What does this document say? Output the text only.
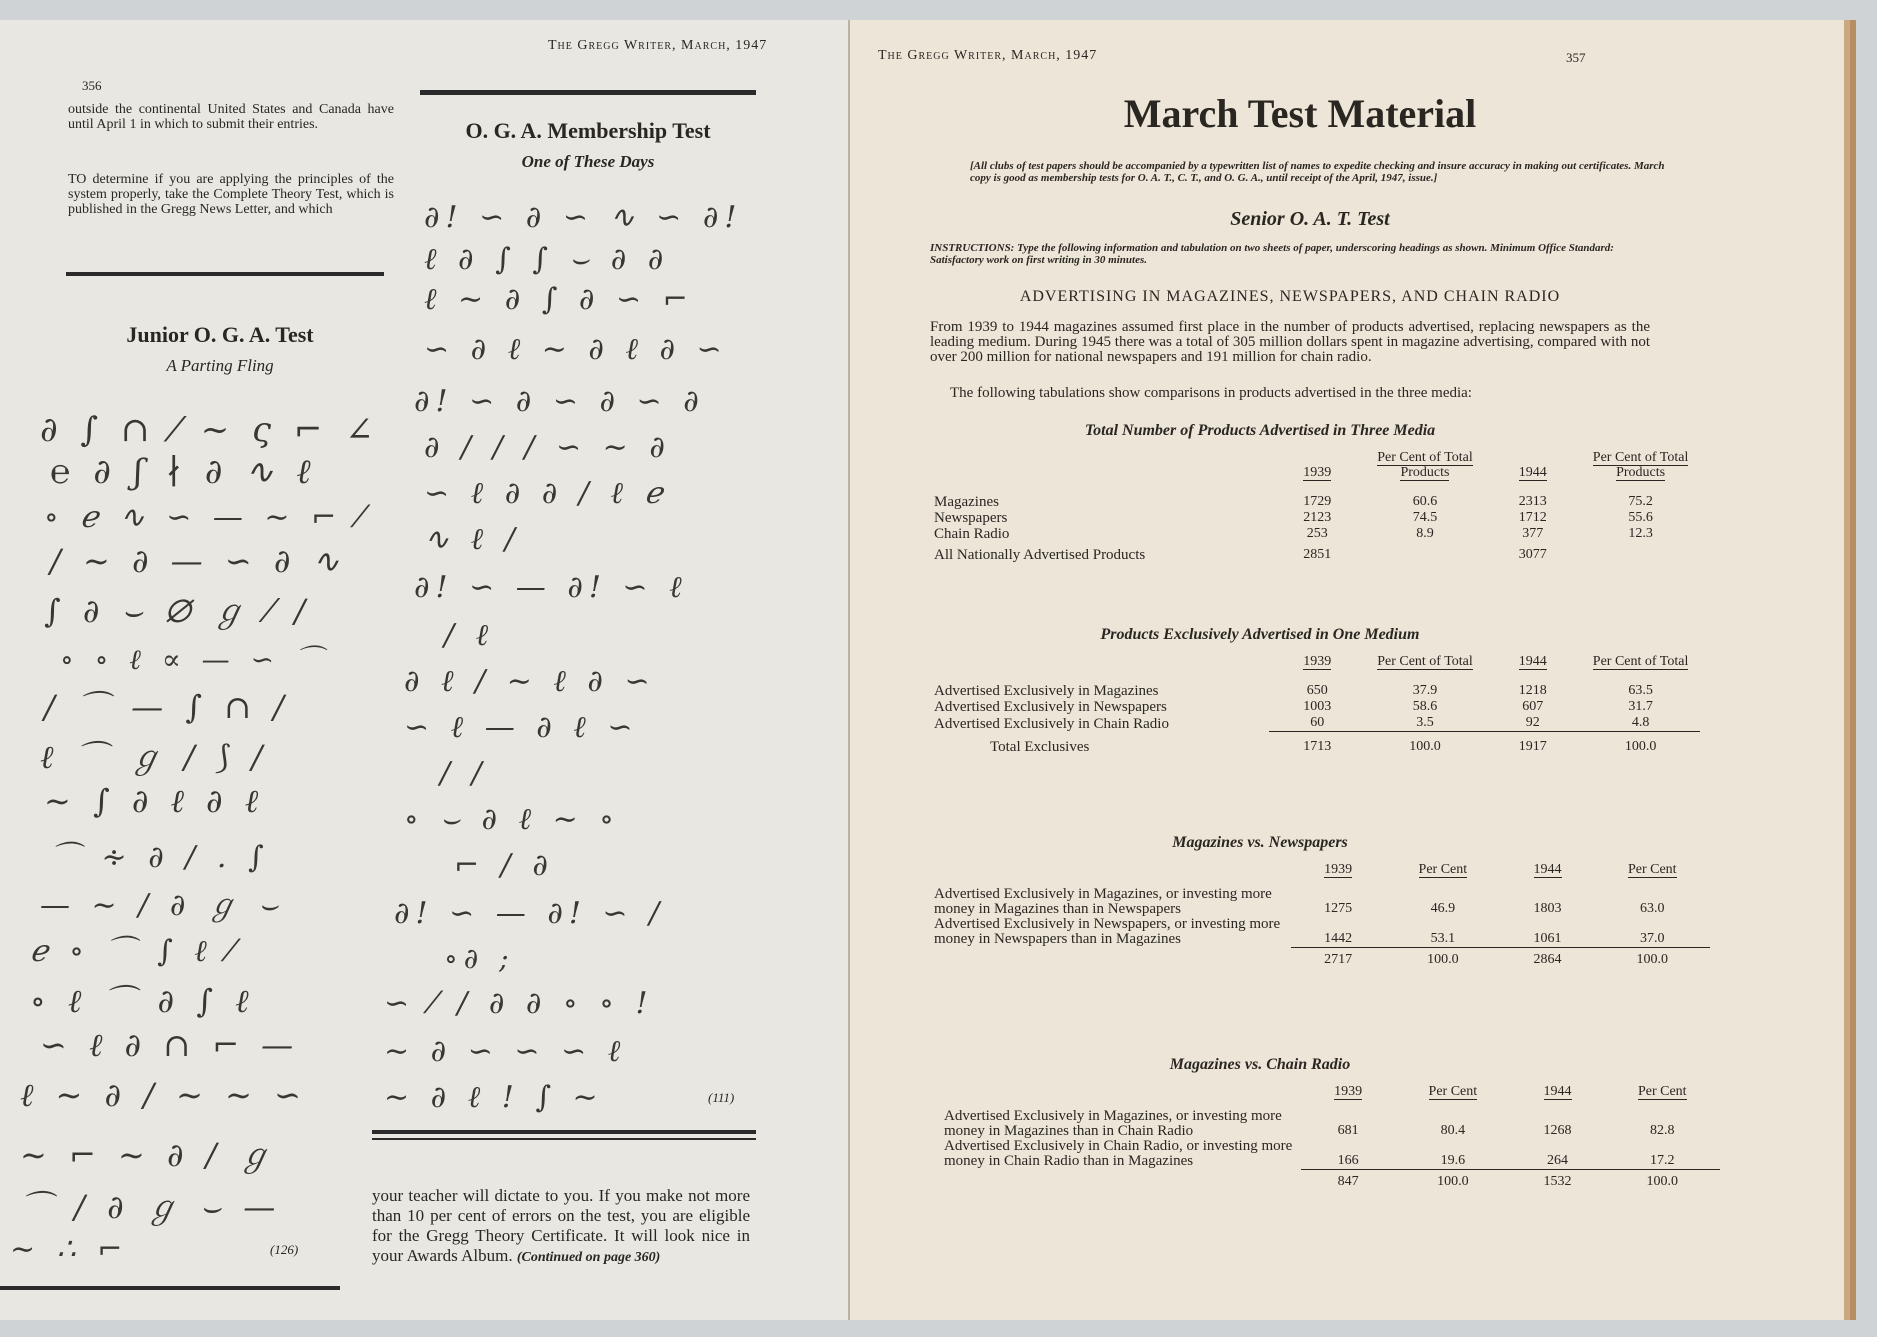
The Gregg Writer, March, 1947
356
outside the continental United States and Canada have until April 1 in which to submit their entries.
TO determine if you are applying the principles of the system properly, take the Complete Theory Test, which is published in the Gregg News Letter, and which
Junior O. G. A. Test
A Parting Fling
O. G. A. Membership Test
One of These Days
∂ ∫ ∩ ⁄ ~ ς ⌐ ∠
℮ ∂ ʃ ∤ ∂ ∿ ℓ
∘ ℯ ∿ ∽ — ∼ ⌐ ⁄
∕ ∼ ∂ — ∽ ∂ ∿
∫ ∂ ⌣ ∅ ℊ ⁄ ∕
∘ ∘ ℓ ∝ — ∽ ⌒
∕ ⌒ — ∫ ∩ ∕
ℓ ⌒ ℊ ∕ ⟆ ∕
∼ ∫ ∂ ℓ ∂ ℓ
⌒ ∻ ∂ ∕ . ∫
— ∼ ∕ ∂ ℊ ⌣
ℯ ∘ ⌒ ∫ ℓ ⁄
∘ ℓ ⌒ ∂ ∫ ℓ
∽ ℓ ∂ ∩ ⌐ —
ℓ ∼ ∂ ∕ ∼ ∼ ∽
∼ ⌐ ∼ ∂ ∕ ℊ
⌒ ∕ ∂ ℊ ⌣ —
∼ ∴ ⌐	(126)
∂! ∽ ∂ ∽ ∿ ∽ ∂!
ℓ ∂ ∫ ∫ ⌣ ∂ ∂
ℓ ∼ ∂ ∫ ∂ ∽ ⌐
∽ ∂ ℓ ∼ ∂ ℓ ∂ ∽
∂! ∽ ∂ ∽ ∂ ∽ ∂
∂ ∕ ∕ ∕ ∽ ∼ ∂
∽ ℓ ∂ ∂ ∕ ℓ ℯ
∿ ℓ ∕
∂! ∽ — ∂! ∽ ℓ
∕ ℓ
∂ ℓ ∕ ∼ ℓ ∂ ∽
∽ ℓ — ∂ ℓ ∽
∕ ∕
∘ ⌣ ∂ ℓ ∼ ∘
⌐ ∕ ∂
∂! ∽ — ∂! ∽ ∕
∘∂ ;
∽ ⁄ ∕ ∂ ∂ ∘ ∘ !
∼ ∂ ∽ ∽ ∽ ℓ
∼ ∂ ℓ ! ∫ ∼	(111)
your teacher will dictate to you. If you make not more than 10 per cent of errors on the test, you are eligible for the Gregg Theory Certificate. It will look nice in your Awards Album. (Continued on page 360)
The Gregg Writer, March, 1947	357
March Test Material
[All clubs of test papers should be accompanied by a typewritten list of names to expedite checking and insure accuracy in making out certificates. March copy is good as membership tests for O. A. T., C. T., and O. G. A., until receipt of the April, 1947, issue.]
Senior O. A. T. Test
INSTRUCTIONS: Type the following information and tabulation on two sheets of paper, underscoring headings as shown. Minimum Office Standard: Satisfactory work on first writing in 30 minutes.
ADVERTISING IN MAGAZINES, NEWSPAPERS, AND CHAIN RADIO
From 1939 to 1944 magazines assumed first place in the number of products advertised, replacing newspapers as the leading medium. During 1945 there was a total of 305 million dollars spent in magazine advertising, compared with not over 200 million for national newspapers and 191 million for chain radio.
The following tabulations show comparisons in products advertised in the three media:
Total Number of Products Advertised in Three Media
	1939	Per Cent of Total Products	1944	Per Cent of Total Products

Magazines	1729	60.6	2313	75.2
Newspapers	2123	74.5	1712	55.6
Chain Radio	253	8.9	377	12.3
All Nationally Advertised Products	2851		3077	
Products Exclusively Advertised in One Medium
	1939	Per Cent of Total	1944	Per Cent of Total

Advertised Exclusively in Magazines	650	37.9	1218	63.5
Advertised Exclusively in Newspapers	1003	58.6	607	31.7
Advertised Exclusively in Chain Radio	60	3.5	92	4.8
Total Exclusives	1713	100.0	1917	100.0
Magazines vs. Newspapers
	1939	Per Cent	1944	Per Cent
Advertised Exclusively in Magazines, or investing more money in Magazines than in Newspapers	1275	46.9	1803	63.0
Advertised Exclusively in Newspapers, or investing more money in Newspapers than in Magazines	1442	53.1	1061	37.0
	2717	100.0	2864	100.0
Magazines vs. Chain Radio
	1939	Per Cent	1944	Per Cent
Advertised Exclusively in Magazines, or investing more money in Magazines than in Chain Radio	681	80.4	1268	82.8
Advertised Exclusively in Chain Radio, or investing more money in Chain Radio than in Magazines	166	19.6	264	17.2
	847	100.0	1532	100.0
